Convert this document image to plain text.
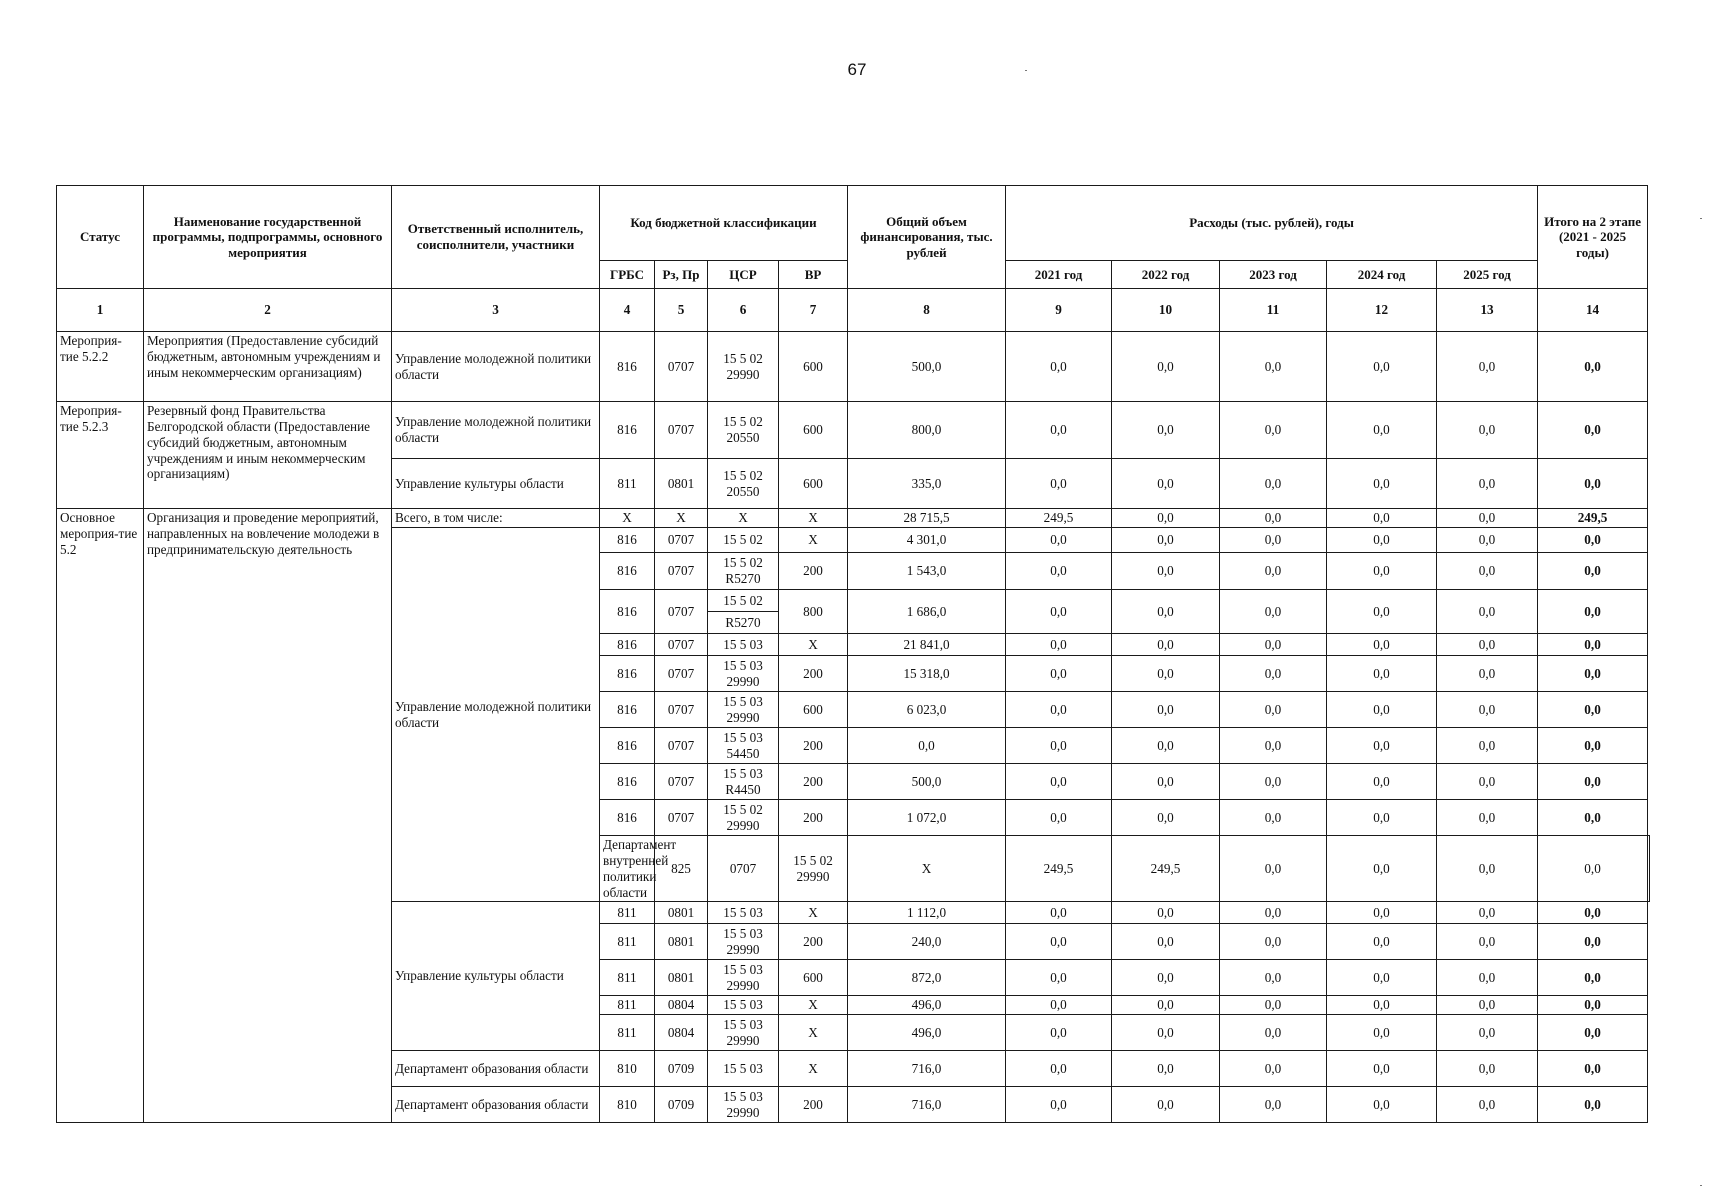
67
Статус	Наименование государственной программы, подпрограммы, основного мероприятия	Ответственный исполнитель, соисполнители, участники	Код бюджетной классификации				Общий объем финансирования, тыс. рублей	Расходы (тыс. рублей), годы					Итого на 2 этапе (2021 - 2025 годы)	
			ГРБС	Рз, Пр	ЦСР	ВР		2021 год	2022 год	2023 год	2024 год	2025 год		
1	2	3	4	5	6	7	8	9	10	11	12	13	14	
Мероприя-тие 5.2.2	Мероприятия (Предоставление субсидий бюджетным, автономным учреждениям и иным некоммерческим организациям)	Управление молодежной политики области	816	0707	15 5 02 29990	600	500,0	0,0	0,0	0,0	0,0	0,0	0,0	
Мероприя-тие 5.2.3	Резервный фонд Правительства Белгородской области (Предоставление субсидий бюджетным, автономным учреждениям и иным некоммерческим организациям)	Управление молодежной политики области	816	0707	15 5 02 20550	600	800,0	0,0	0,0	0,0	0,0	0,0	0,0	
		Управление культуры области	811	0801	15 5 02 20550	600	335,0	0,0	0,0	0,0	0,0	0,0	0,0	
Основное мероприя-тие 5.2	Организация и проведение мероприятий, направленных на вовлечение молодежи в предпринимательскую деятельность	Всего, в том числе:	Х	Х	Х	Х	28 715,5	249,5	0,0	0,0	0,0	0,0	249,5	
		Управление молодежной политики области	816	0707	15 5 02	Х	4 301,0	0,0	0,0	0,0	0,0	0,0	0,0	
			816	0707	15 5 02 R5270	200	1 543,0	0,0	0,0	0,0	0,0	0,0	0,0	
			816	0707	15 5 02	800	1 686,0	0,0	0,0	0,0	0,0	0,0	0,0	
					R5270									
			816	0707	15 5 03	Х	21 841,0	0,0	0,0	0,0	0,0	0,0	0,0	
			816	0707	15 5 03 29990	200	15 318,0	0,0	0,0	0,0	0,0	0,0	0,0	
			816	0707	15 5 03 29990	600	6 023,0	0,0	0,0	0,0	0,0	0,0	0,0	
			816	0707	15 5 03 54450	200	0,0	0,0	0,0	0,0	0,0	0,0	0,0	
			816	0707	15 5 03 R4450	200	500,0	0,0	0,0	0,0	0,0	0,0	0,0	
			816	0707	15 5 02 29990	200	1 072,0	0,0	0,0	0,0	0,0	0,0	0,0	
			Департамент внутренней политики области	825	0707	15 5 02 29990	Х	249,5	249,5	0,0	0,0	0,0	0,0	
		Управление культуры области	811	0801	15 5 03	Х	1 112,0	0,0	0,0	0,0	0,0	0,0	0,0	
			811	0801	15 5 03 29990	200	240,0	0,0	0,0	0,0	0,0	0,0	0,0	
			811	0801	15 5 03 29990	600	872,0	0,0	0,0	0,0	0,0	0,0	0,0	
			811	0804	15 5 03	Х	496,0	0,0	0,0	0,0	0,0	0,0	0,0	
			811	0804	15 5 03 29990	Х	496,0	0,0	0,0	0,0	0,0	0,0	0,0	
		Департамент образования области	810	0709	15 5 03	Х	716,0	0,0	0,0	0,0	0,0	0,0	0,0	
		Департамент образования области	810	0709	15 5 03 29990	200	716,0	0,0	0,0	0,0	0,0	0,0	0,0	
